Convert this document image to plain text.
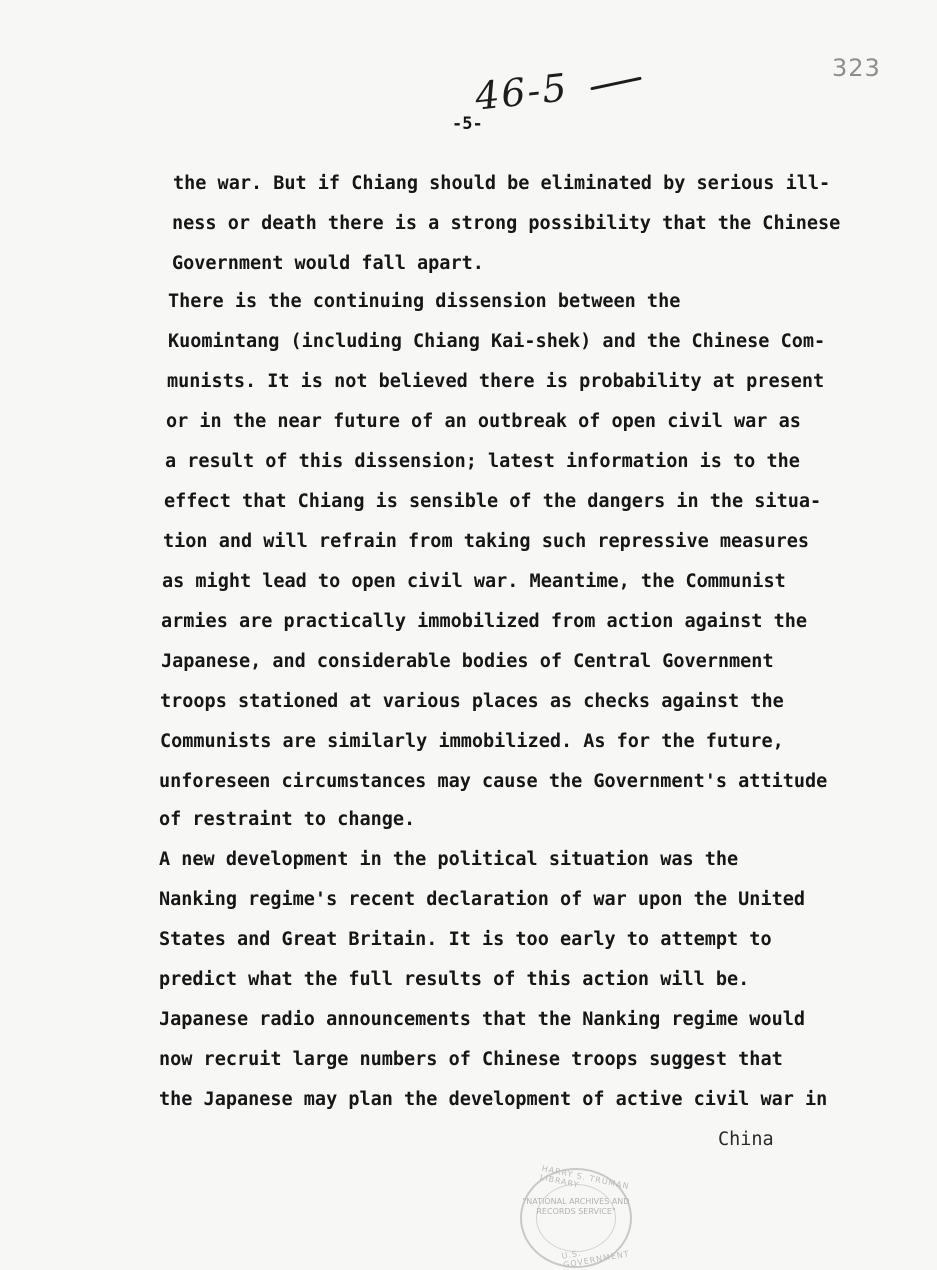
323
46-5
-5-
the war. But if Chiang should be eliminated by serious ill-
ness or death there is a strong possibility that the Chinese
Government would fall apart.
There is the continuing dissension between the
Kuomintang (including Chiang Kai-shek) and the Chinese Com-
munists. It is not believed there is probability at present
or in the near future of an outbreak of open civil war as
a result of this dissension; latest information is to the
effect that Chiang is sensible of the dangers in the situa-
tion and will refrain from taking such repressive measures
as might lead to open civil war. Meantime, the Communist
armies are practically immobilized from action against the
Japanese, and considerable bodies of Central Government
troops stationed at various places as checks against the
Communists are similarly immobilized. As for the future,
unforeseen circumstances may cause the Government's attitude
of restraint to change.
A new development in the political situation was the
Nanking regime's recent declaration of war upon the United
States and Great Britain. It is too early to attempt to
predict what the full results of this action will be.
Japanese radio announcements that the Nanking regime would
now recruit large numbers of Chinese troops suggest that
the Japanese may plan the development of active civil war in
China
HARRY S. TRUMAN LIBRARY
"NATIONAL ARCHIVES AND RECORDS SERVICE"
U.S. GOVERNMENT
